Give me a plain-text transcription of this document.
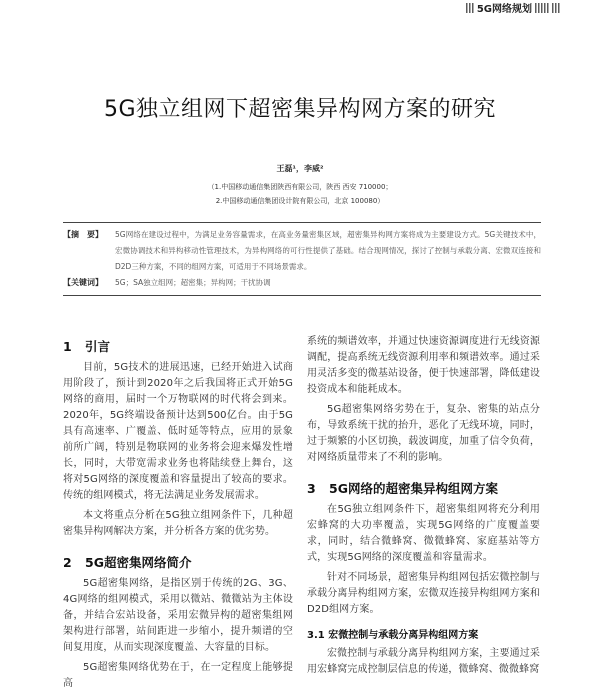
5G网络规划
5G独立组网下超密集异构网方案的研究
王磊¹，李威²
（1.中国移动通信集团陕西有限公司，陕西 西安 710000；
2.中国移动通信集团设计院有限公司，北京 100080）
【摘　要】	5G网络在建设过程中，为满足业务容量需求，在高业务量密集区域，超密集异构网方案将成为主要建设方式。5G关键技术中，宏微协调技术和异构移动性管理技术，为异构网络的可行性提供了基础。结合现网情况，探讨了控制与承载分离、宏微双连接和D2D三种方案，不同的组网方案，可适用于不同场景需求。
【关键词】	5G；SA独立组网；超密集；异构网；干扰协调
1 引言
目前，5G技术的进展迅速，已经开始进入试商用阶段了，预计到2020年之后我国将正式开始5G网络的商用，届时一个万物联网的时代将会到来。2020年，5G终端设备预计达到500亿台。由于5G具有高速率、广覆盖、低时延等特点，应用的景象前所广阔，特别是物联网的业务将会迎来爆发性增长，同时，大带宽需求业务也将陆续登上舞台，这将对5G网络的深度覆盖和容量提出了较高的要求。传统的组网模式，将无法满足业务发展需求。
本文将重点分析在5G独立组网条件下，几种超密集异构网解决方案，并分析各方案的优劣势。
2 5G超密集网络简介
5G超密集网络，是指区别于传统的2G、3G、4G网络的组网模式，采用以微站、微微站为主体设备，并结合宏站设备，采用宏微异构的超密集组网架构进行部署，站间距进一步缩小，提升频谱的空间复用度，从而实现深度覆盖、大容量的目标。
5G超密集网络优势在于，在一定程度上能够提高
系统的频谱效率，并通过快速资源调度进行无线资源调配，提高系统无线资源利用率和频谱效率。通过采用灵活多变的微基站设备，便于快速部署，降低建设投资成本和能耗成本。
5G超密集网络劣势在于，复杂、密集的站点分布，导致系统干扰的抬升，恶化了无线环境，同时，过于频繁的小区切换，载波调度，加重了信令负荷，对网络质量带来了不利的影响。
3 5G网络的超密集异构组网方案
在5G独立组网条件下，超密集组网将充分利用宏蜂窝的大功率覆盖，实现5G网络的广度覆盖要求，同时，结合微蜂窝、微微蜂窝、家庭基站等方式，实现5G网络的深度覆盖和容量需求。
针对不同场景，超密集异构组网包括宏微控制与承载分离异构组网方案，宏微双连接异构组网方案和D2D组网方案。
3.1 宏微控制与承载分离异构组网方案
宏微控制与承载分离异构组网方案，主要通过采用宏蜂窝完成控制层信息的传递，微蜂窝、微微蜂窝
